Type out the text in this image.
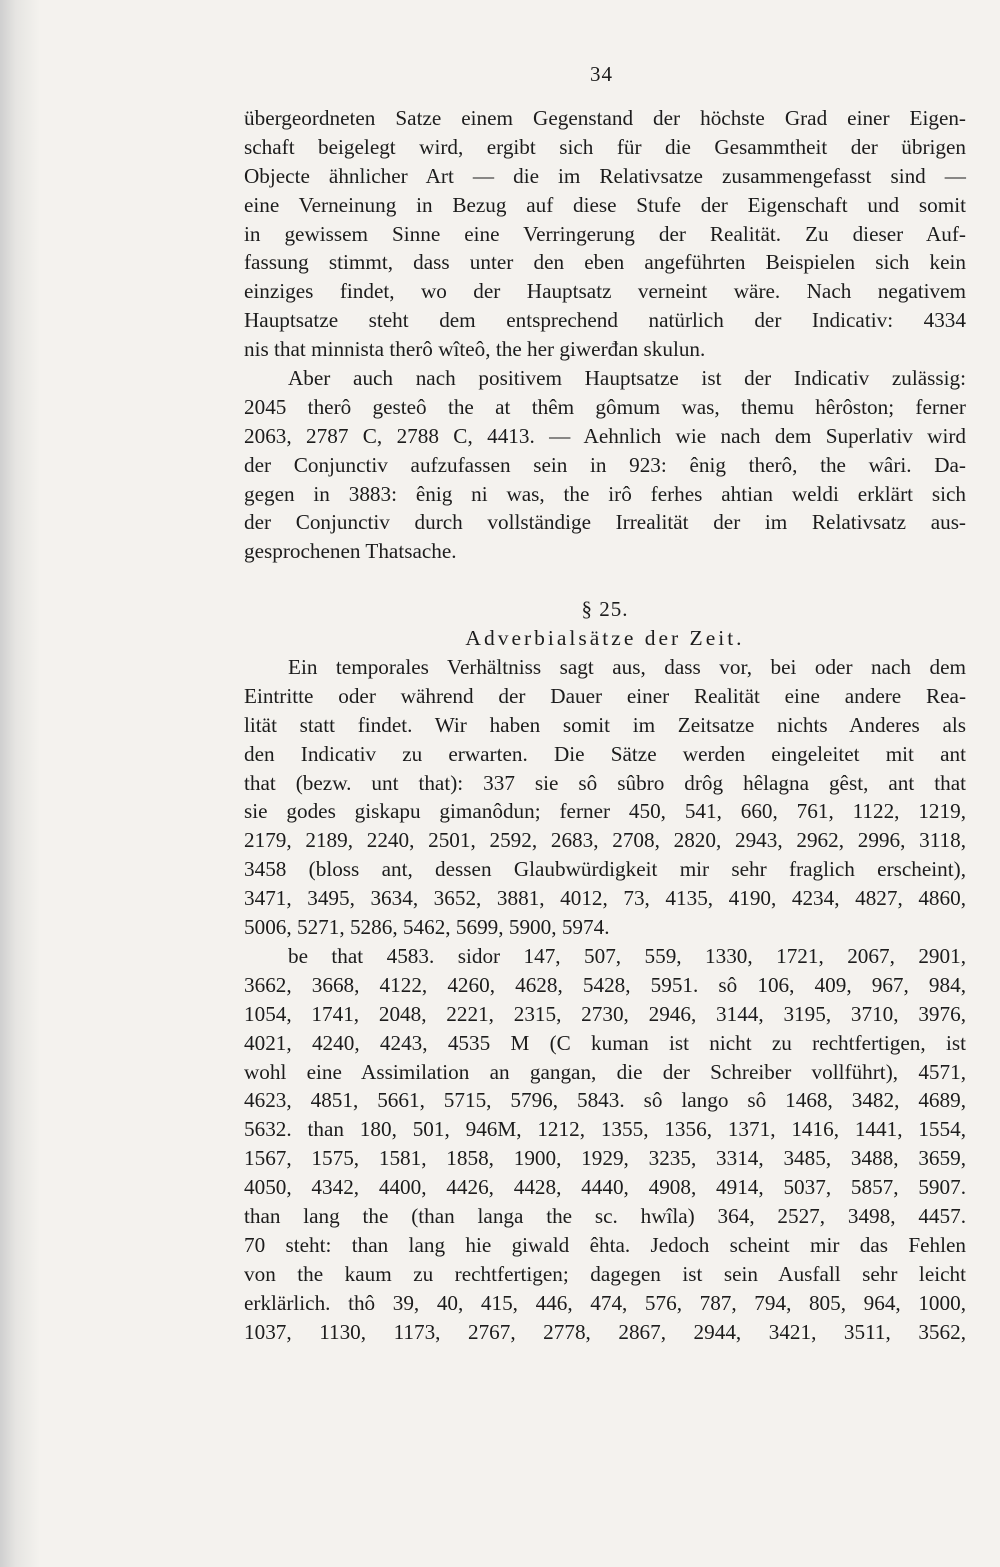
34
übergeordneten Satze einem Gegenstand der höchste Grad einer Eigen-
schaft beigelegt wird, ergibt sich für die Gesammtheit der übrigen
Objecte ähnlicher Art — die im Relativsatze zusammengefasst sind —
eine Verneinung in Bezug auf diese Stufe der Eigenschaft und somit
in gewissem Sinne eine Verringerung der Realität. Zu dieser Auf-
fassung stimmt, dass unter den eben angeführten Beispielen sich kein
einziges findet, wo der Hauptsatz verneint wäre. Nach negativem
Hauptsatze steht dem entsprechend natürlich der Indicativ: 4334
nis that minnista therô wîteô, the her giwerđan skulun.
Aber auch nach positivem Hauptsatze ist der Indicativ zulässig:
2045 therô gesteô the at thêm gômum was, themu hêrôston; ferner
2063, 2787 C, 2788 C, 4413. — Aehnlich wie nach dem Superlativ wird
der Conjunctiv aufzufassen sein in 923: ênig therô, the wâri. Da-
gegen in 3883: ênig ni was, the irô ferhes ahtian weldi erklärt sich
der Conjunctiv durch vollständige Irrealität der im Relativsatz aus-
gesprochenen Thatsache.
§ 25.
Adverbialsätze der Zeit.
Ein temporales Verhältniss sagt aus, dass vor, bei oder nach dem
Eintritte oder während der Dauer einer Realität eine andere Rea-
lität statt findet. Wir haben somit im Zeitsatze nichts Anderes als
den Indicativ zu erwarten. Die Sätze werden eingeleitet mit ant
that (bezw. unt that): 337 sie sô sûbro drôg hêlagna gêst, ant that
sie godes giskapu gimanôdun; ferner 450, 541, 660, 761, 1122, 1219,
2179, 2189, 2240, 2501, 2592, 2683, 2708, 2820, 2943, 2962, 2996, 3118,
3458 (bloss ant, dessen Glaubwürdigkeit mir sehr fraglich erscheint),
3471, 3495, 3634, 3652, 3881, 4012, 73, 4135, 4190, 4234, 4827, 4860,
5006, 5271, 5286, 5462, 5699, 5900, 5974.
be that 4583. sidor 147, 507, 559, 1330, 1721, 2067, 2901,
3662, 3668, 4122, 4260, 4628, 5428, 5951. sô 106, 409, 967, 984,
1054, 1741, 2048, 2221, 2315, 2730, 2946, 3144, 3195, 3710, 3976,
4021, 4240, 4243, 4535 M (C kuman ist nicht zu rechtfertigen, ist
wohl eine Assimilation an gangan, die der Schreiber vollführt), 4571,
4623, 4851, 5661, 5715, 5796, 5843. sô lango sô 1468, 3482, 4689,
5632. than 180, 501, 946M, 1212, 1355, 1356, 1371, 1416, 1441, 1554,
1567, 1575, 1581, 1858, 1900, 1929, 3235, 3314, 3485, 3488, 3659,
4050, 4342, 4400, 4426, 4428, 4440, 4908, 4914, 5037, 5857, 5907.
than lang the (than langa the sc. hwîla) 364, 2527, 3498, 4457.
70 steht: than lang hie giwald êhta. Jedoch scheint mir das Fehlen
von the kaum zu rechtfertigen; dagegen ist sein Ausfall sehr leicht
erklärlich. thô 39, 40, 415, 446, 474, 576, 787, 794, 805, 964, 1000,
1037, 1130, 1173, 2767, 2778, 2867, 2944, 3421, 3511, 3562,
